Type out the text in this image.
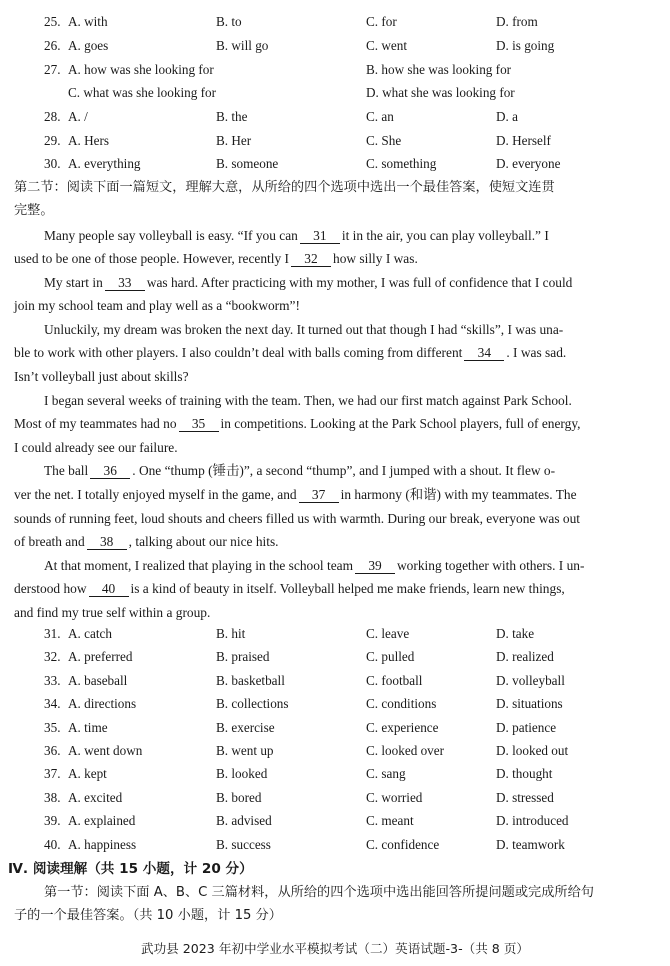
25. A. with	B. to	C. for	D. from
26. A. goes	B. will go	C. went	D. is going
27. A. how was she looking for	B. how she was looking for
C. what was she looking for	D. what she was looking for
28. A. /	B. the	C. an	D. a
29. A. Hers	B. Her	C. She	D. Herself
30. A. everything	B. someone	C. something	D. everyone
第二节：阅读下面一篇短文，理解大意，从所给的四个选项中选出一个最佳答案，使短文连贯
完整。
Many people say volleyball is easy. “If you can 31 it in the air, you can play volleyball.” I
used to be one of those people. However, recently I 32 how silly I was.
My start in 33 was hard. After practicing with my mother, I was full of confidence that I could
join my school team and play well as a “bookworm”!
Unluckily, my dream was broken the next day. It turned out that though I had “skills”, I was una-
ble to work with other players. I also couldn’t deal with balls coming from different 34 . I was sad.
Isn’t volleyball just about skills?
I began several weeks of training with the team. Then, we had our first match against Park School.
Most of my teammates had no 35 in competitions. Looking at the Park School players, full of energy,
I could already see our failure.
The ball 36 . One “thump (锤击)”, a second “thump”, and I jumped with a shout. It flew o-
ver the net. I totally enjoyed myself in the game, and 37 in harmony (和谐) with my teammates. The
sounds of running feet, loud shouts and cheers filled us with warmth. During our break, everyone was out
of breath and 38 , talking about our nice hits.
At that moment, I realized that playing in the school team 39 working together with others. I un-
derstood how 40 is a kind of beauty in itself. Volleyball helped me make friends, learn new things,
and find my true self within a group.
31. A. catch	B. hit	C. leave	D. take
32. A. preferred	B. praised	C. pulled	D. realized
33. A. baseball	B. basketball	C. football	D. volleyball
34. A. directions	B. collections	C. conditions	D. situations
35. A. time	B. exercise	C. experience	D. patience
36. A. went down	B. went up	C. looked over	D. looked out
37. A. kept	B. looked	C. sang	D. thought
38. A. excited	B. bored	C. worried	D. stressed
39. A. explained	B. advised	C. meant	D. introduced
40. A. happiness	B. success	C. confidence	D. teamwork
Ⅳ. 阅读理解（共 15 小题，计 20 分）
第一节：阅读下面 A、B、C 三篇材料，从所给的四个选项中选出能回答所提问题或完成所给句
子的一个最佳答案。（共 10 小题，计 15 分）
武功县 2023 年初中学业水平模拟考试（二）英语试题-3-（共 8 页）
